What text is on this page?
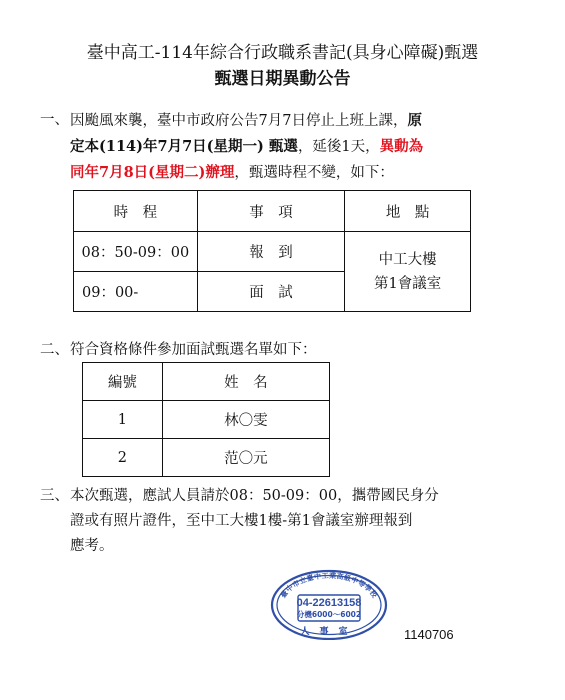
臺中高工-114年綜合行政職系書記(具身心障礙)甄選
甄選日期異動公告
一、 因颱風來襲，臺中市政府公告7月7日停止上班上課，原
定本(114)年7月7日(星期一) 甄選，延後1天，異動為
同年7月8日(星期二)辦理，甄選時程不變，如下：
時　程	事　項	地　點
08：50-09：00	報　到	中工大樓
第1會議室

09：00-	面　試	
二、 符合資格條件參加面試甄選名單如下：
編號	姓　名
1	林〇雯
2	范〇元
三、 本次甄選，應試人員請於08：50-09：00，攜帶國民身分
證或有照片證件，至中工大樓1樓-第1會議室辦理報到
應考。
臺中市立臺中工業高級中等學校
04-22613158
分機6000～6002
人事室	1140706
